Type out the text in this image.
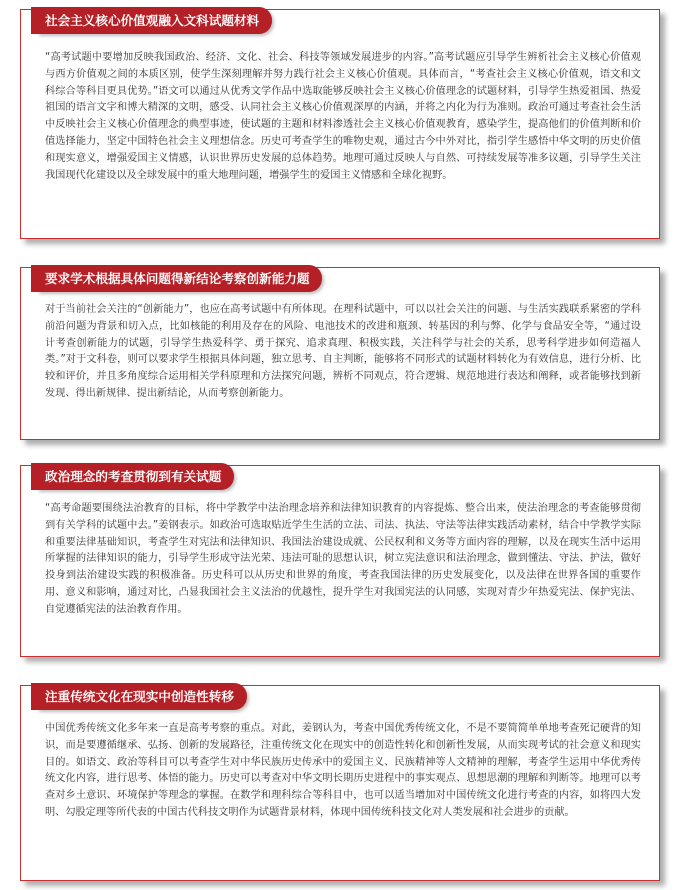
社会主义核心价值观融入文科试题材料

“高考试题中要增加反映我国政治、经济、文化、社会、科技等领域发展进步的内容。”高考试题应引导学生辨析社会主义核心价值观与西方价值观之间的本质区别，使学生深刻理解并努力践行社会主义核心价值观。具体而言，“考查社会主义核心价值观，语文和文科综合等科目更具优势。”语文可以通过从优秀文学作品中选取能够反映社会主义核心价值理念的试题材料，引导学生热爱祖国、热爱祖国的语言文字和博大精深的文明，感受、认同社会主义核心价值观深厚的内涵，并将之内化为行为准则。政治可通过考查社会生活中反映社会主义核心价值理念的典型事迹，使试题的主题和材料渗透社会主义核心价值观教育，感染学生，提高他们的价值判断和价值选择能力，坚定中国特色社会主义理想信念。历史可考查学生的唯物史观，通过古今中外对比，指引学生感悟中华文明的历史价值和现实意义，增强爱国主义情感，认识世界历史发展的总体趋势。地理可通过反映人与自然、可持续发展等准多议题，引导学生关注我国现代化建设以及全球发展中的重大地理问题，增强学生的爱国主义情感和全球化视野。

要求学术根据具体问题得新结论考察创新能力题

对于当前社会关注的“创新能力”，也应在高考试题中有所体现。在理科试题中，可以以社会关注的问题、与生活实践联系紧密的学科前沿问题为背景和切入点，比如核能的利用及存在的风险、电池技术的改进和瓶颈、转基因的利与弊、化学与食品安全等，“通过设计考查创新能力的试题，引导学生热爱科学、勇于探究、追求真理、积极实践，关注科学与社会的关系，思考科学进步如何造福人类。”对于文科卷，则可以要求学生根据具体问题，独立思考、自主判断，能够将不同形式的试题材料转化为有效信息，进行分析、比较和评价，并且多角度综合运用相关学科原理和方法探究问题，辨析不同观点，符合逻辑、规范地进行表达和阐释，或者能够找到新发现、得出新规律、提出新结论，从而考察创新能力。

政治理念的考查贯彻到有关试题

“高考命题要围绕法治教育的目标，将中学教学中法治理念培养和法律知识教育的内容提炼、整合出来，使法治理念的考查能够贯彻到有关学科的试题中去。”姜钢表示。如政治可选取贴近学生生活的立法、司法、执法、守法等法律实践活动素材，结合中学教学实际和重要法律基础知识，考查学生对宪法和法律知识、我国法治建设成就、公民权利和义务等方面内容的理解，以及在现实生活中运用所掌握的法律知识的能力，引导学生形成守法光荣、违法可耻的思想认识，树立宪法意识和法治理念，做到懂法、守法、护法，做好投身到法治建设实践的积极准备。历史科可以从历史和世界的角度，考查我国法律的历史发展变化，以及法律在世界各国的重要作用、意义和影响，通过对比，凸显我国社会主义法治的优越性，提升学生对我国宪法的认同感，实现对青少年热爱宪法、保护宪法、自觉遵循宪法的法治教育作用。

注重传统文化在现实中创造性转移

中国优秀传统文化多年来一直是高考考察的重点。对此，姜钢认为，考查中国优秀传统文化，不是不要简简单单地考查死记硬背的知识，而是要遵循继承、弘扬、创新的发展路径，注重传统文化在现实中的创造性转化和创新性发展，从而实现考试的社会意义和现实目的。如语文、政治等科目可以考查学生对中华民族历史传承中的爱国主义、民族精神等人文精神的理解，考查学生运用中华优秀传统文化内容，进行思考、体悟的能力。历史可以考查对中华文明长期历史进程中的事实观点、思想思潮的理解和判断等。地理可以考查对乡土意识、环境保护等理念的掌握。在数学和理科综合等科目中，也可以适当增加对中国传统文化进行考查的内容，如将四大发明、勾股定理等所代表的中国古代科技文明作为试题背景材料，体现中国传统科技文化对人类发展和社会进步的贡献。
